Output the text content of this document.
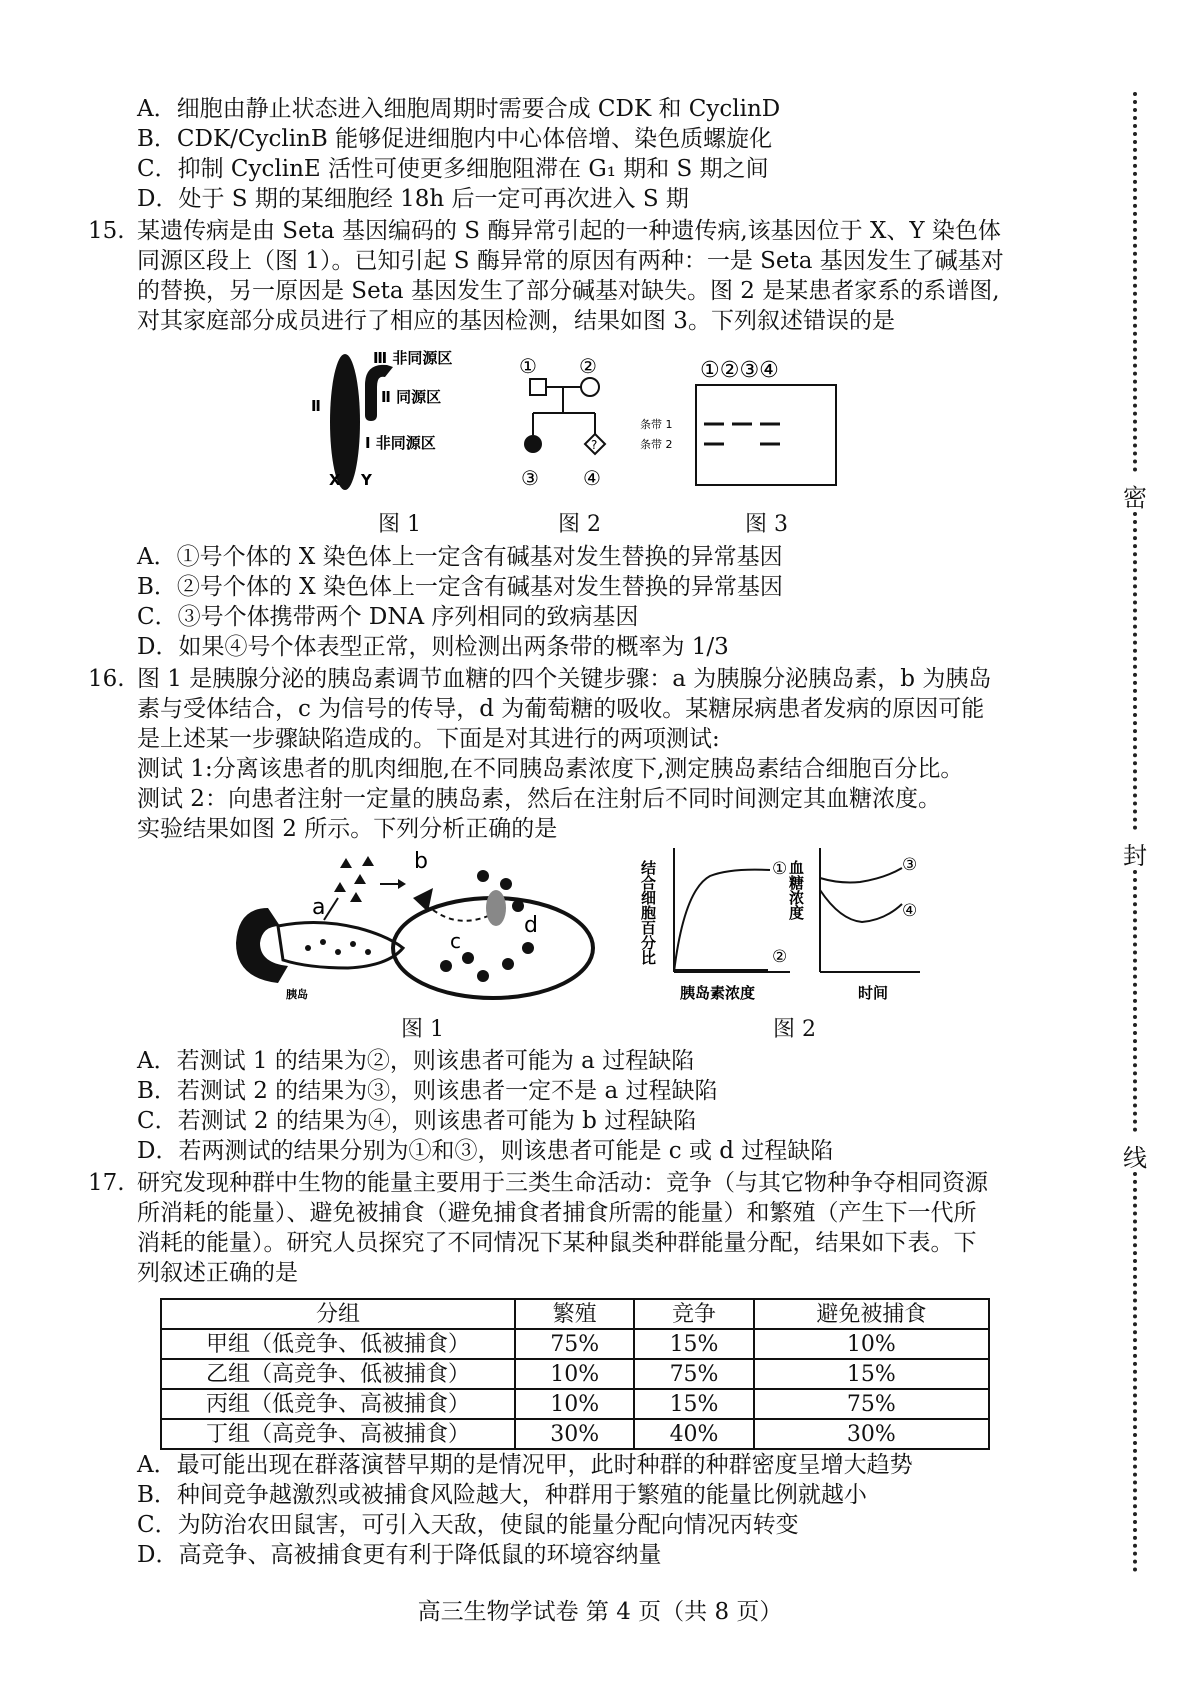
A．细胞由静止状态进入细胞周期时需要合成 CDK 和 CyclinD
B．CDK/CyclinB 能够促进细胞内中心体倍增、染色质螺旋化
C．抑制 CyclinE 活性可使更多细胞阻滞在 G₁ 期和 S 期之间
D．处于 S 期的某细胞经 18h 后一定可再次进入 S 期
15. 某遗传病是由 Seta 基因编码的 S 酶异常引起的一种遗传病,该基因位于 X、Y 染色体
同源区段上（图 1）。已知引起 S 酶异常的原因有两种：一是 Seta 基因发生了碱基对
的替换，另一原因是 Seta 基因发生了部分碱基对缺失。图 2 是某患者家系的系谱图,
对其家庭部分成员进行了相应的基因检测，结果如图 3。下列叙述错误的是
Ⅲ 非同源区
Ⅱ	Ⅱ 同源区
Ⅰ 非同源区
X Y
图 1
① ②
?
③ ④
图 2
①②③④
条带 1
条带 2
图 3
A．①号个体的 X 染色体上一定含有碱基对发生替换的异常基因
B．②号个体的 X 染色体上一定含有碱基对发生替换的异常基因
C．③号个体携带两个 DNA 序列相同的致病基因
D．如果④号个体表型正常，则检测出两条带的概率为 1/3
16. 图 1 是胰腺分泌的胰岛素调节血糖的四个关键步骤：a 为胰腺分泌胰岛素，b 为胰岛
素与受体结合，c 为信号的传导，d 为葡萄糖的吸收。某糖尿病患者发病的原因可能
是上述某一步骤缺陷造成的。下面是对其进行的两项测试:
测试 1:分离该患者的肌肉细胞,在不同胰岛素浓度下,测定胰岛素结合细胞百分比。
测试 2：向患者注射一定量的胰岛素，然后在注射后不同时间测定其血糖浓度。
实验结果如图 2 所示。下列分析正确的是
a
胰岛
b
c
d
图 1
结合细胞百分比	①
②
胰岛素浓度
血糖浓度	③
④
时间
图 2
A．若测试 1 的结果为②，则该患者可能为 a 过程缺陷
B．若测试 2 的结果为③，则该患者一定不是 a 过程缺陷
C．若测试 2 的结果为④，则该患者可能为 b 过程缺陷
D．若两测试的结果分别为①和③，则该患者可能是 c 或 d 过程缺陷
17. 研究发现种群中生物的能量主要用于三类生命活动：竞争（与其它物种争夺相同资源
所消耗的能量）、避免被捕食（避免捕食者捕食所需的能量）和繁殖（产生下一代所
消耗的能量）。研究人员探究了不同情况下某种鼠类种群能量分配，结果如下表。下
列叙述正确的是
分组	繁殖	竞争	避免被捕食
甲组（低竞争、低被捕食）	75%	15%	10%
乙组（高竞争、低被捕食）	10%	75%	15%
丙组（低竞争、高被捕食）	10%	15%	75%
丁组（高竞争、高被捕食）	30%	40%	30%
A．最可能出现在群落演替早期的是情况甲，此时种群的种群密度呈增大趋势
B．种间竞争越激烈或被捕食风险越大，种群用于繁殖的能量比例就越小
C．为防治农田鼠害，可引入天敌，使鼠的能量分配向情况丙转变
D．高竞争、高被捕食更有利于降低鼠的环境容纳量
高三生物学试卷 第 4 页（共 8 页）
密
封
线
